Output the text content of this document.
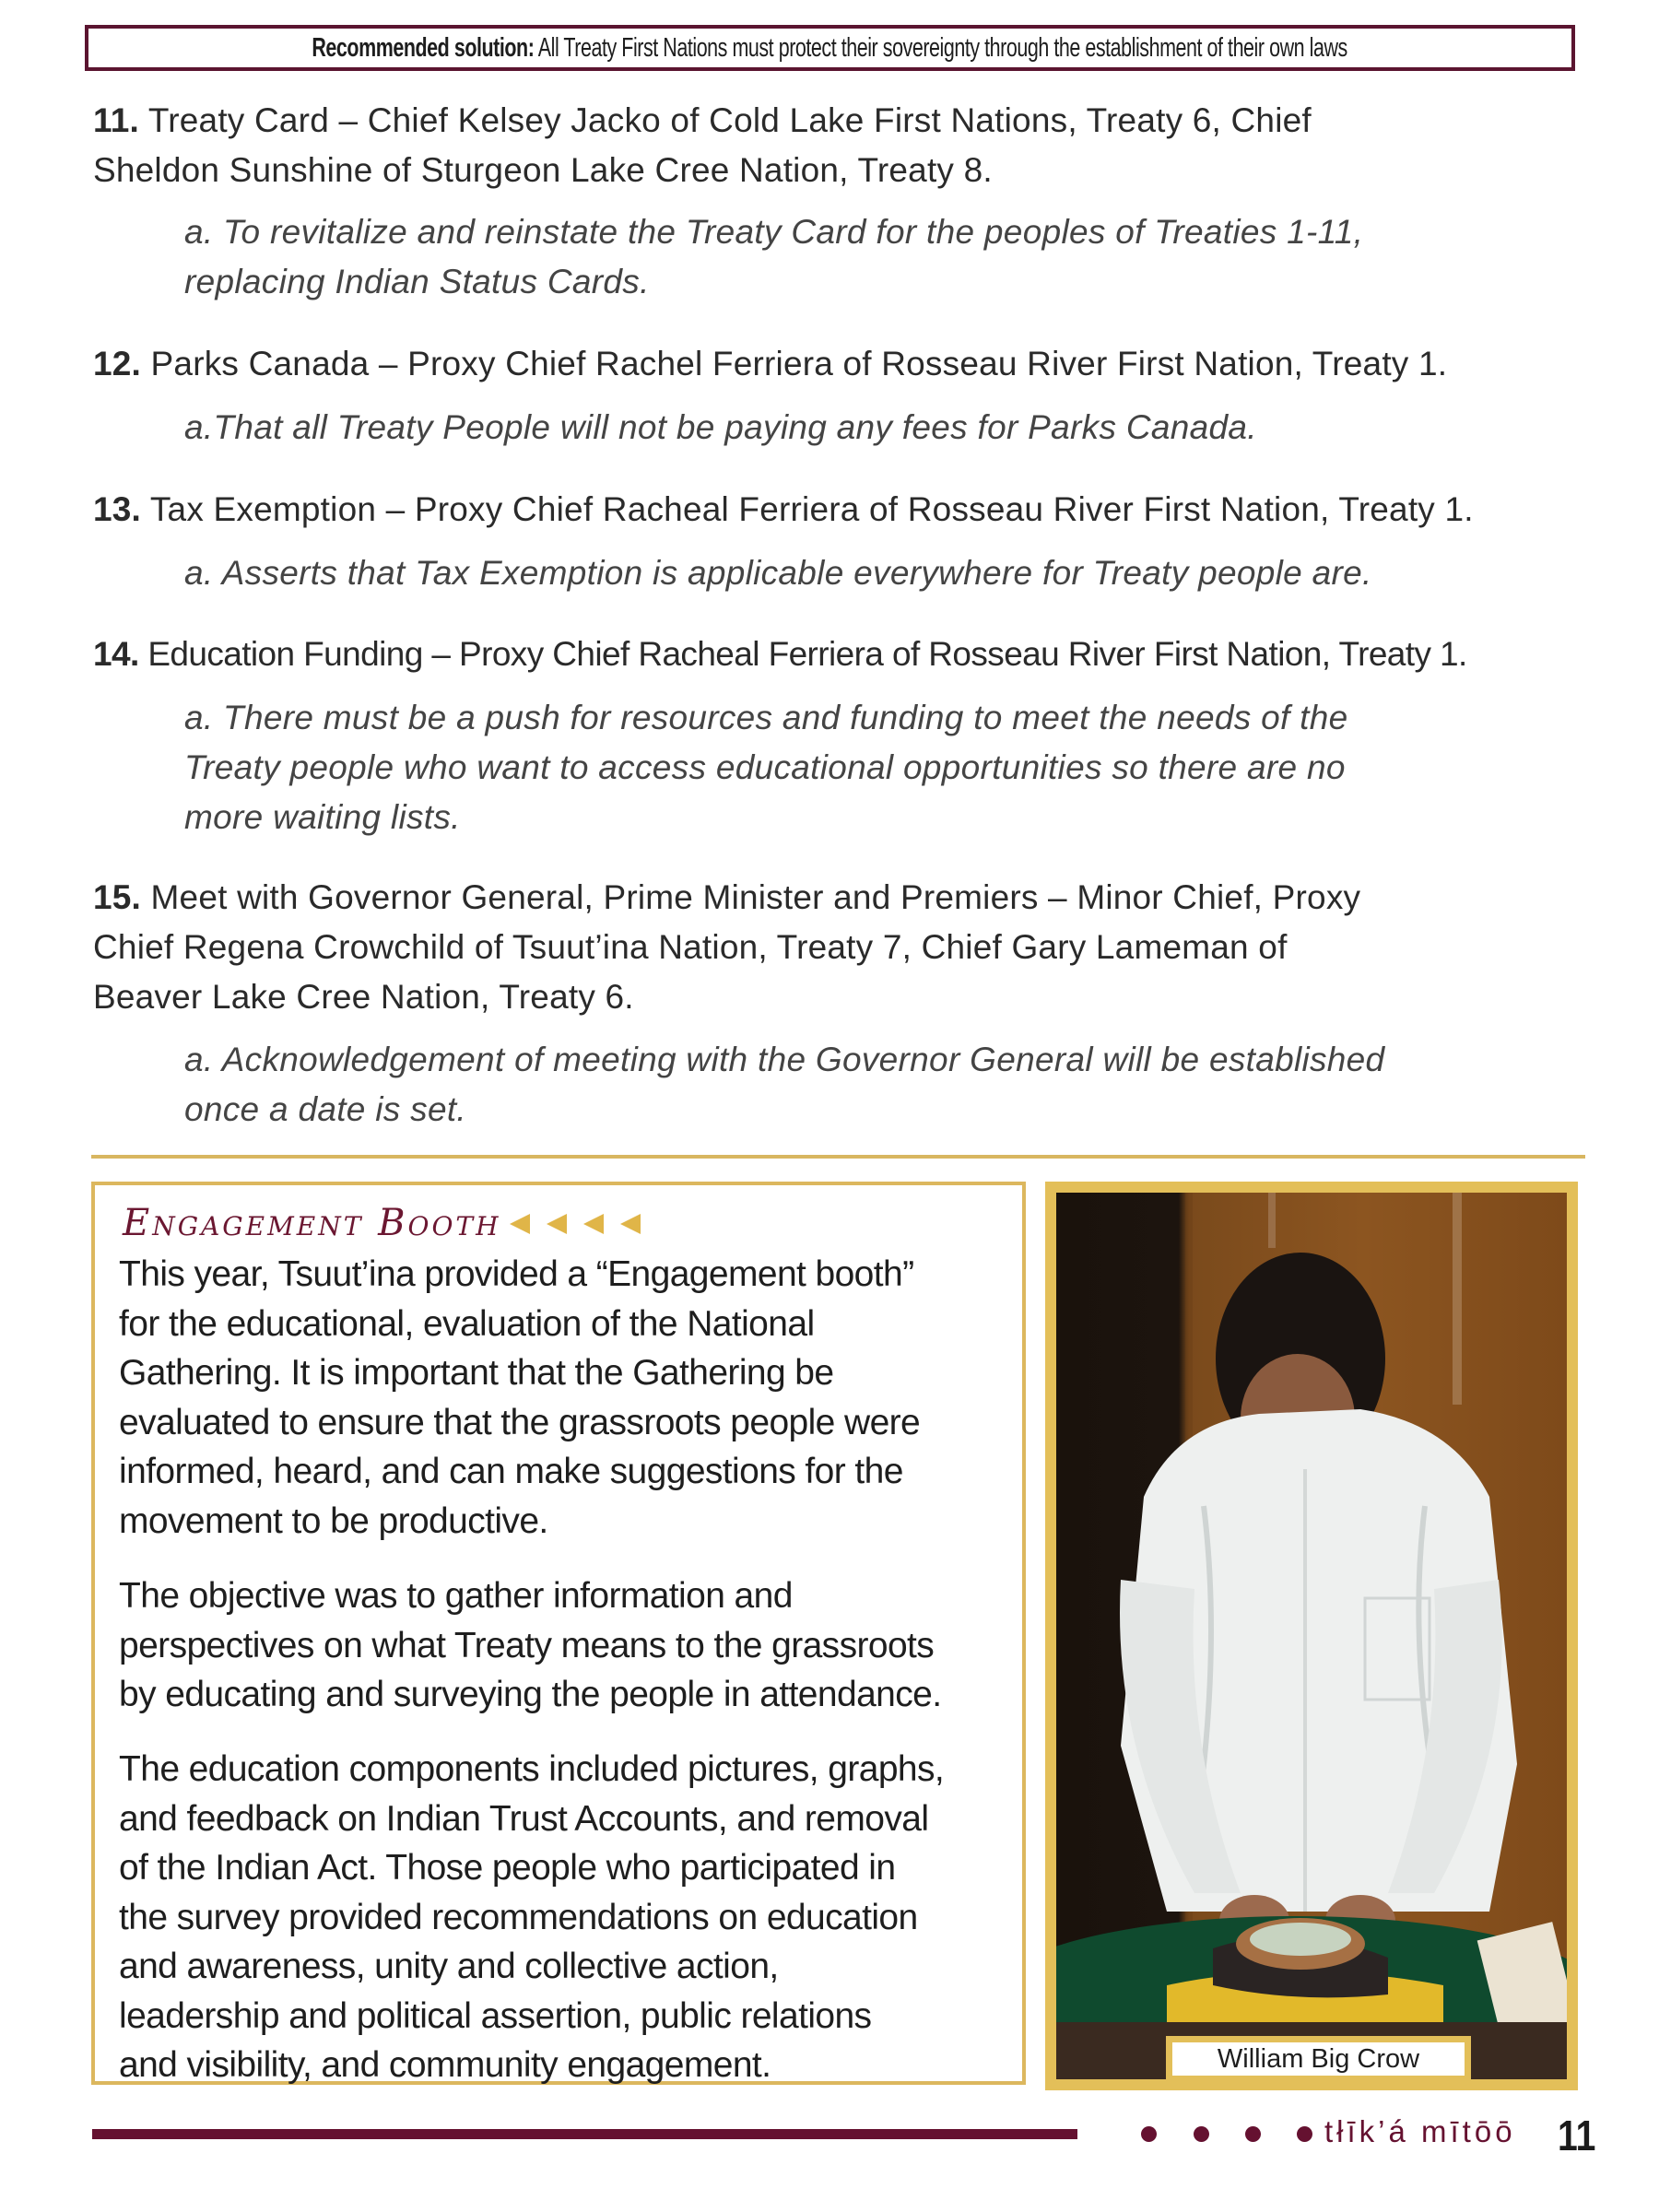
Recommended solution: All Treaty First Nations must protect their sovereignty through the establishment of their own laws
11. Treaty Card – Chief Kelsey Jacko of Cold Lake First Nations, Treaty 6, Chief
Sheldon Sunshine of Sturgeon Lake Cree Nation, Treaty 8.
a. To revitalize and reinstate the Treaty Card for the peoples of Treaties 1-11,
replacing Indian Status Cards.
12. Parks Canada – Proxy Chief Rachel Ferriera of Rosseau River First Nation, Treaty 1.
a.That all Treaty People will not be paying any fees for Parks Canada.
13. Tax Exemption – Proxy Chief Racheal Ferriera of Rosseau River First Nation, Treaty 1.
a. Asserts that Tax Exemption is applicable everywhere for Treaty people are.
14. Education Funding – Proxy Chief Racheal Ferriera of Rosseau River First Nation, Treaty 1.
a. There must be a push for resources and funding to meet the needs of the
Treaty people who want to access educational opportunities so there are no
more waiting lists.
15. Meet with Governor General, Prime Minister and Premiers – Minor Chief, Proxy
Chief Regena Crowchild of Tsuut’ina Nation, Treaty 7, Chief Gary Lameman of
Beaver Lake Cree Nation, Treaty 6.
a. Acknowledgement of meeting with the Governor General will be established
once a date is set.
Engagement Booth
This year, Tsuut’ina provided a “Engagement booth”
for the educational, evaluation of the National
Gathering. It is important that the Gathering be
evaluated to ensure that the grassroots people were
informed, heard, and can make suggestions for the
movement to be productive.
The objective was to gather information and
perspectives on what Treaty means to the grassroots
by educating and surveying the people in attendance.
The education components included pictures, graphs,
and feedback on Indian Trust Accounts, and removal
of the Indian Act. Those people who participated in
the survey provided recommendations on education
and awareness, unity and collective action,
leadership and political assertion, public relations
and visibility, and community engagement.	William Big Crow
tłīk’á mītōō 11
